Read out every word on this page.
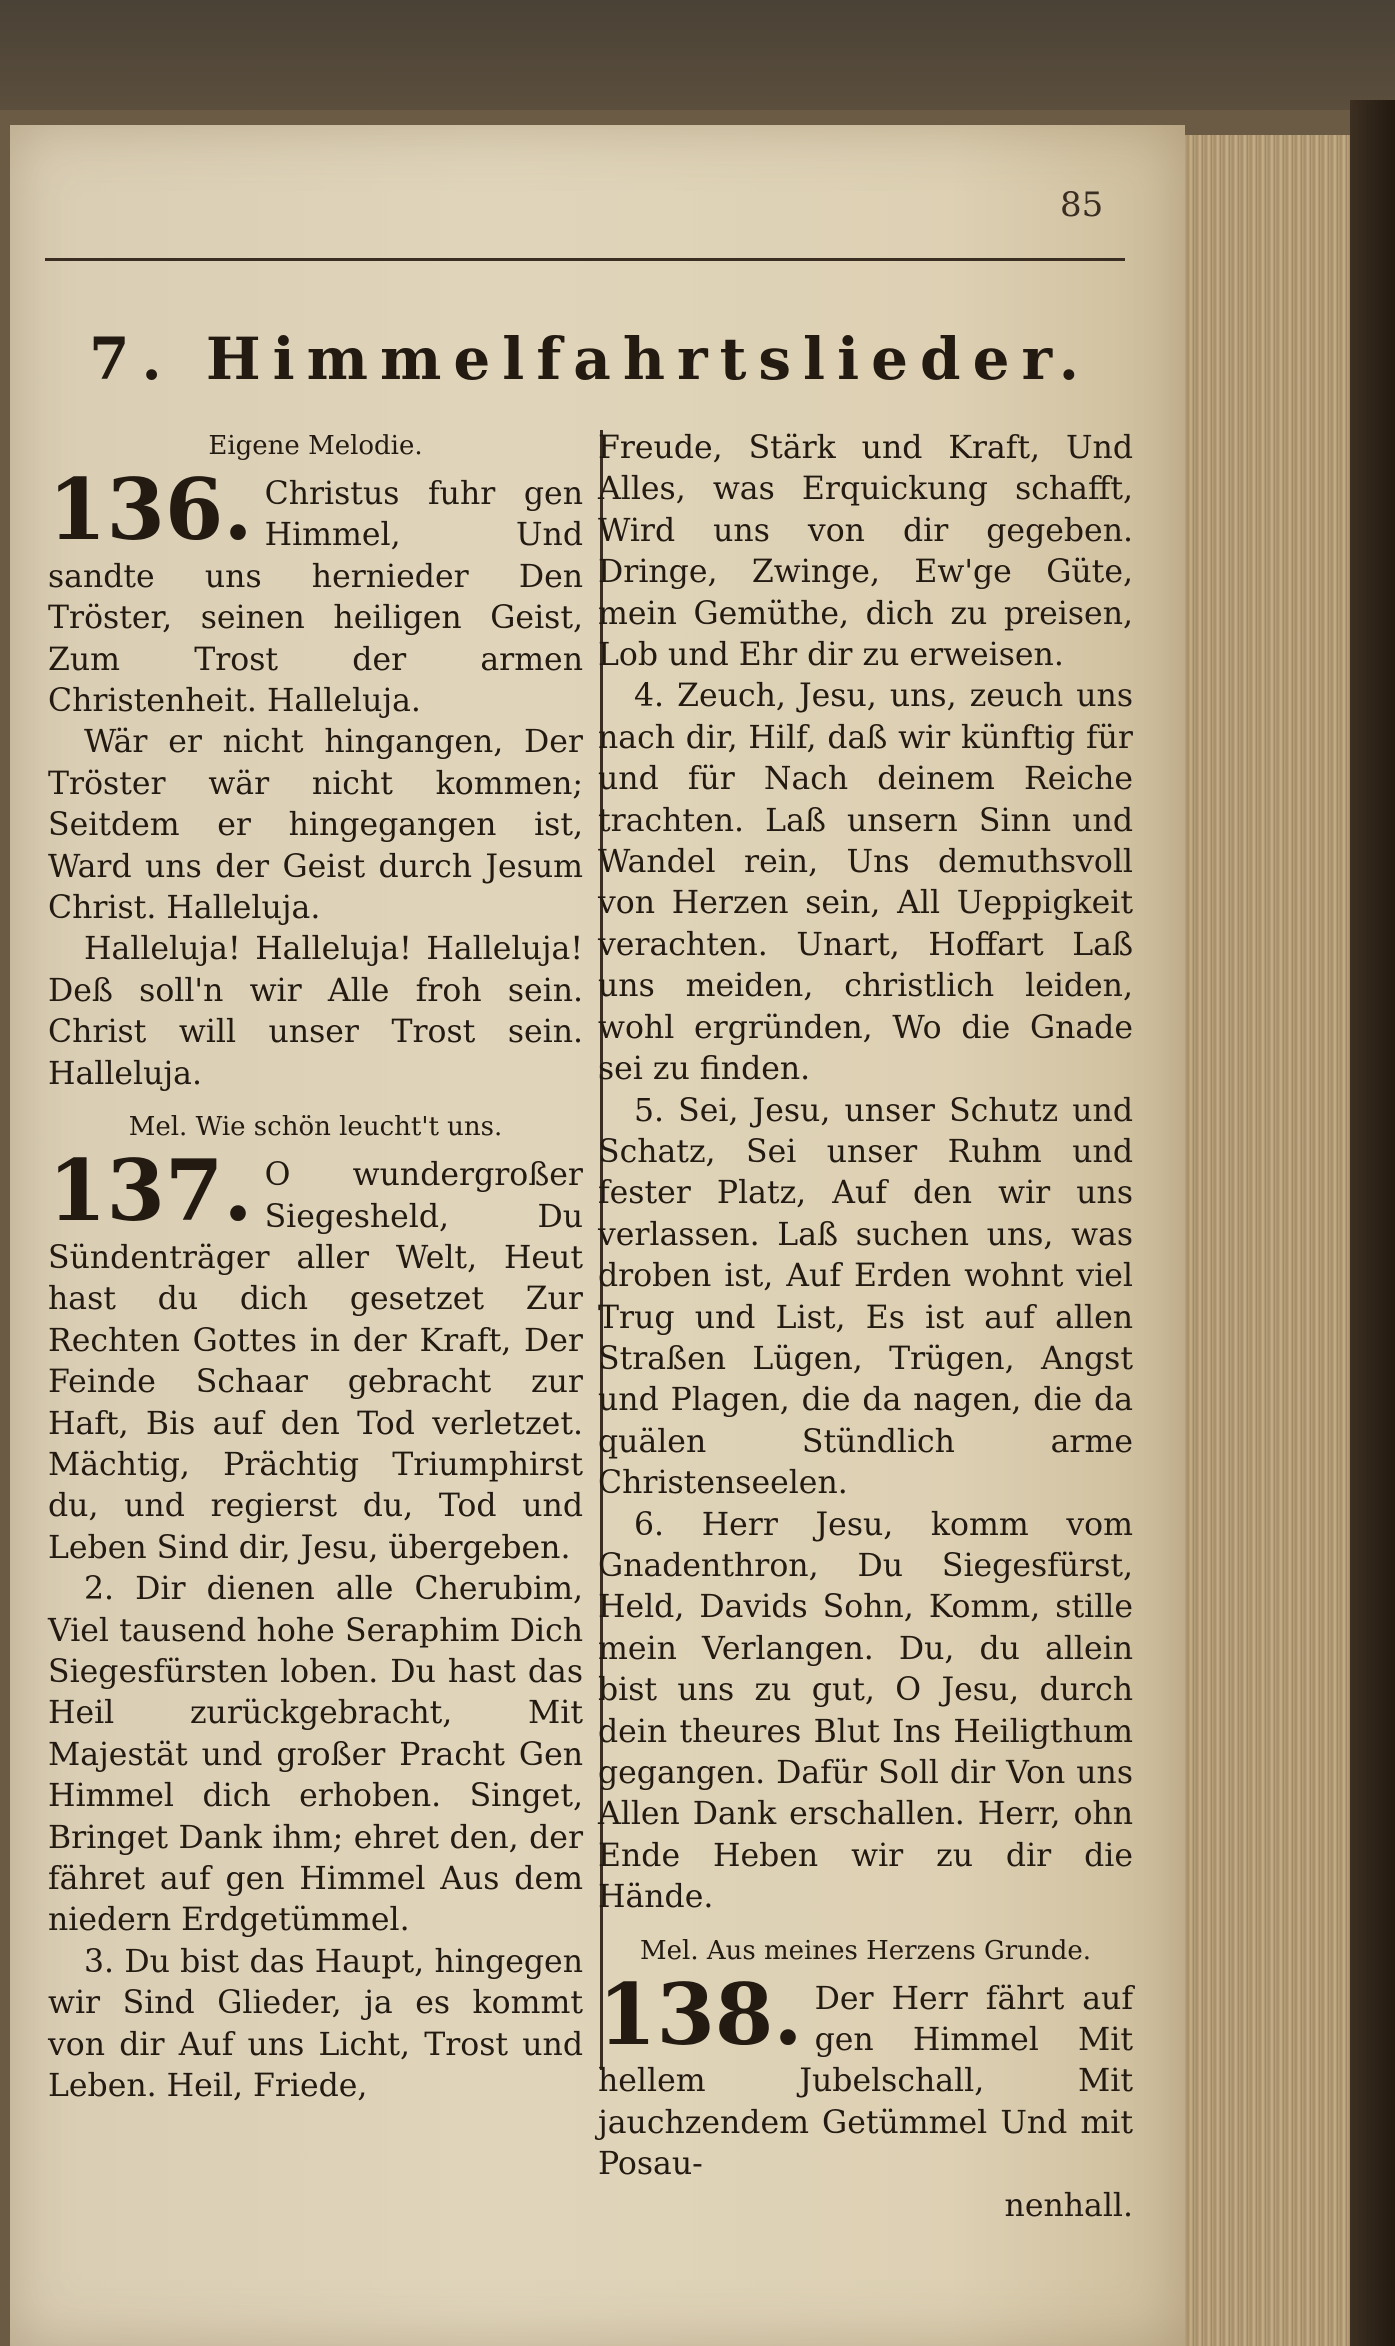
85
7. Himmelfahrtslieder.
Eigene Melodie.

136. Christus fuhr gen Himmel, Und sandte uns hernieder Den Tröster, seinen heiligen Geist, Zum Trost der armen Christenheit. Halleluja.

Wär er nicht hingangen, Der Tröster wär nicht kommen; Seitdem er hingegangen ist, Ward uns der Geist durch Jesum Christ. Halleluja.

Halleluja! Halleluja! Halleluja! Deß soll'n wir Alle froh sein. Christ will unser Trost sein. Halleluja.

Mel. Wie schön leucht't uns.

137. O wundergroßer Siegesheld, Du Sündenträger aller Welt, Heut hast du dich gesetzet Zur Rechten Gottes in der Kraft, Der Feinde Schaar gebracht zur Haft, Bis auf den Tod verletzet. Mächtig, Prächtig Triumphirst du, und regierst du, Tod und Leben Sind dir, Jesu, übergeben.

2. Dir dienen alle Cherubim, Viel tausend hohe Seraphim Dich Siegesfürsten loben. Du hast das Heil zurückgebracht, Mit Majestät und großer Pracht Gen Himmel dich erhoben. Singet, Bringet Dank ihm; ehret den, der fähret auf gen Himmel Aus dem niedern Erdgetümmel.

3. Du bist das Haupt, hingegen wir Sind Glieder, ja es kommt von dir Auf uns Licht, Trost und Leben. Heil, Friede,

Freude, Stärk und Kraft, Und Alles, was Erquickung schafft, Wird uns von dir gegeben. Dringe, Zwinge, Ew'ge Güte, mein Gemüthe, dich zu preisen, Lob und Ehr dir zu erweisen.

4. Zeuch, Jesu, uns, zeuch uns nach dir, Hilf, daß wir künftig für und für Nach deinem Reiche trachten. Laß unsern Sinn und Wandel rein, Uns demuthsvoll von Herzen sein, All Ueppigkeit verachten. Unart, Hoffart Laß uns meiden, christlich leiden, wohl ergründen, Wo die Gnade sei zu finden.

5. Sei, Jesu, unser Schutz und Schatz, Sei unser Ruhm und fester Platz, Auf den wir uns verlassen. Laß suchen uns, was droben ist, Auf Erden wohnt viel Trug und List, Es ist auf allen Straßen Lügen, Trügen, Angst und Plagen, die da nagen, die da quälen Stündlich arme Christenseelen.

6. Herr Jesu, komm vom Gnadenthron, Du Siegesfürst, Held, Davids Sohn, Komm, stille mein Verlangen. Du, du allein bist uns zu gut, O Jesu, durch dein theures Blut Ins Heiligthum gegangen. Dafür Soll dir Von uns Allen Dank erschallen. Herr, ohn Ende Heben wir zu dir die Hände.

Mel. Aus meines Herzens Grunde.

138. Der Herr fährt auf gen Himmel Mit hellem Jubelschall, Mit jauchzendem Getümmel Und mit Posau-

nenhall.
